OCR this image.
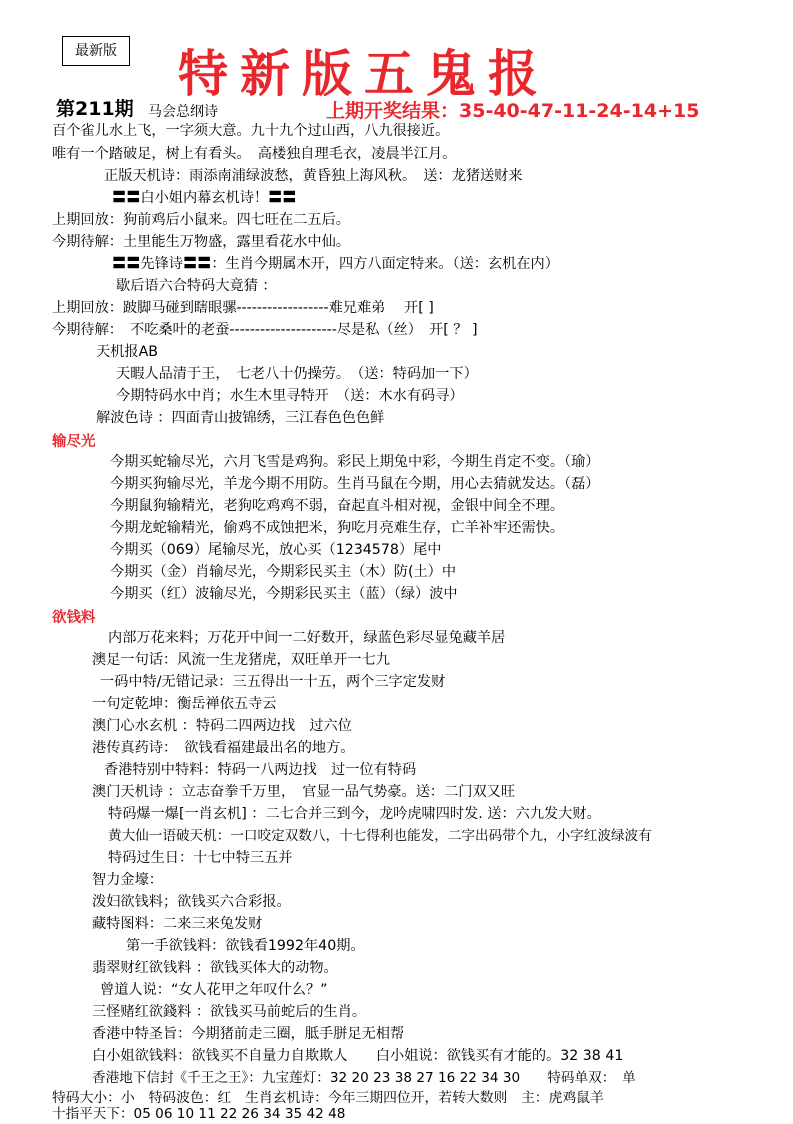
最新版 特新版五鬼报
第211期 马会总纲诗	上期开奖结果：35-40-47-11-24-14+15
百个雀儿水上飞，一字须大意。九十九个过山西，八九很接近。
唯有一个踏破足，树上有看头。　高楼独自理毛衣，凌晨半江月。
正版天机诗：雨添南浦绿波愁，黄昏独上海风秋。　送：龙猪送财来
〓〓白小姐内幕玄机诗！〓〓
上期回放：狗前鸡后小鼠来。四七旺在二五后。
今期待解：土里能生万物盛，露里看花水中仙。
〓〓先锋诗〓〓：生肖今期属木开，四方八面定特来。（送：玄机在内）
歇后语六合特码大竟猜 ：
上期回放：跛脚马碰到瞎眼骡------------------难兄难弟　 开[ ]
今期待解：　不吃桑叶的老蚕---------------------尽是私（丝）　开[ ？ ]
天机报AB
天暇人品清于王，　七老八十仍操劳。　（送：特码加一下）
今期特码水中肖；水生木里寻特开　（送：木水有码寻）
解波色诗 ：四面青山披锦绣，三江春色色色鲜
输尽光
今期买蛇输尽光，六月飞雪是鸡狗。彩民上期兔中彩，今期生肖定不变。（瑜）
今期买狗输尽光，羊龙今期不用防。生肖马鼠在今期，用心去猜就发达。（磊）
今期鼠狗输精光，老狗吃鸡鸡不弱，奋起直斗相对视，金银中间全不理。
今期龙蛇输精光，偷鸡不成蚀把米，狗吃月亮难生存，亡羊补牢还需快。
今期买（069）尾输尽光，放心买（1234578）尾中
今期买（金）肖输尽光，今期彩民买主（木）防(土）中
今期买（红）波输尽光，今期彩民买主（蓝）（绿）波中
欲钱料
内部万花来料；万花开中间一二好数开，绿蓝色彩尽显兔藏羊居
澳足一句话：风流一生龙猪虎，双旺单开一七九
一码中特/无错记录：三五得出一十五，两个三字定发财
一句定乾坤：衡岳禅依五寺云
澳门心水玄机 ：特码二四两边找　过六位
港传真药诗：　欲钱看福建最出名的地方。
香港特别中特料：特码一八两边找　过一位有特码
澳门天机诗 ：立志奋拳千万里，　官显一品气势豪。送：二门双又旺
特码爆一爆[一肖玄机] ：二七合并三到今，龙吟虎啸四时发. 送：六九发大财。
黄大仙一语破天机：一口咬定双数八，十七得利也能发，二字出码带个九，小字红波绿波有
特码过生日：十七中特三五并
智力金壕：
泼妇欲钱料；欲钱买六合彩报。
藏特图料：二来三来兔发财
第一手欲钱料：欲钱看1992年40期。
翡翠财红欲钱料 ：欲钱买体大的动物。
曾道人说：“女人花甲之年叹什么？”
三怪赌红欲錢料 ：欲钱买马前蛇后的生肖。
香港中特圣旨：今期猪前走三圈，胝手胼足无相帮
白小姐欲钱料：欲钱买不自量力自欺欺人　　白小姐说：欲钱买有才能的。32 38 41
香港地下信封《千王之王》：九宝莲灯：32 20 23 38 27 16 22 34 30　　特码单双：　单
特码大小：小　特码波色：红　生肖玄机诗：今年三期四位开，若转大数则　主：虎鸡鼠羊
十指平天下：05 06 10 11 22 26 34 35 42 48
